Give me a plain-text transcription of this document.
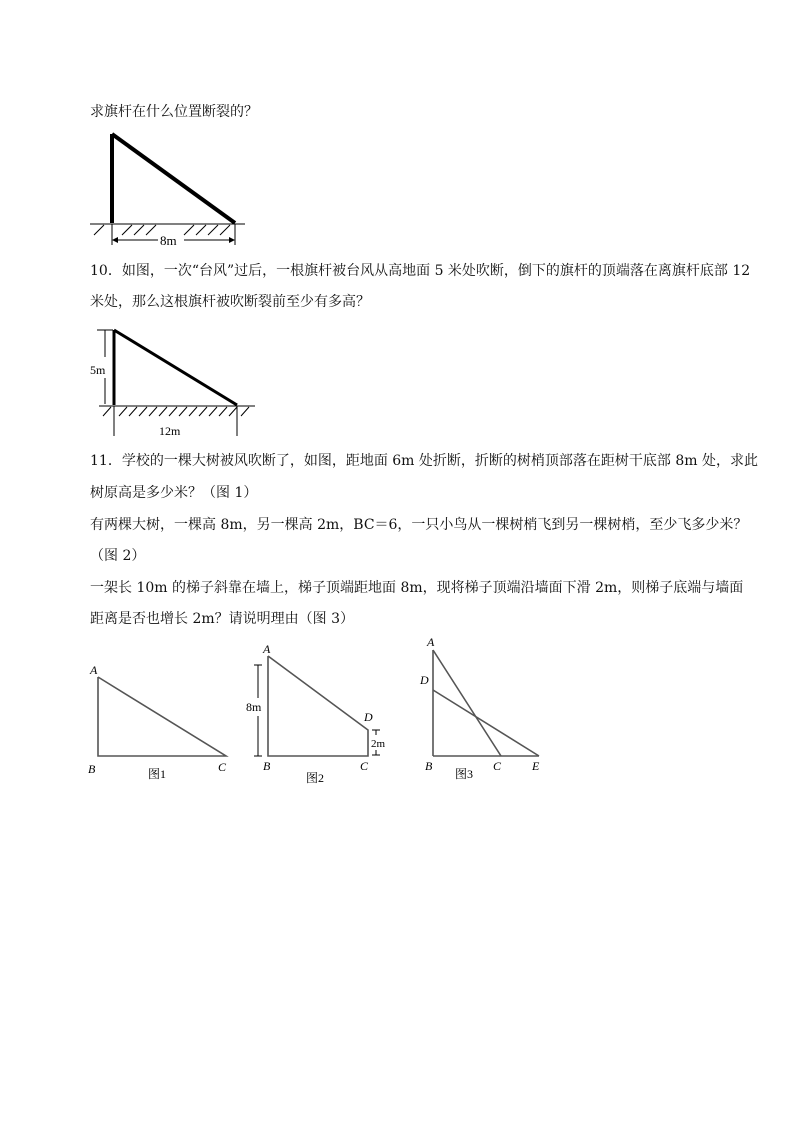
求旗杆在什么位置断裂的？
8m
10．如图，一次“台风”过后，一根旗杆被台风从高地面 5 米处吹断，倒下的旗杆的顶端落在离旗杆底部 12
米处，那么这根旗杆被吹断裂前至少有多高？
5m
12m
11．学校的一棵大树被风吹断了，如图，距地面 6m 处折断，折断的树梢顶部落在距树干底部 8m 处，求此
树原高是多少米？（图 1）
有两棵大树，一棵高 8m，另一棵高 2m，BC＝6，一只小鸟从一棵树梢飞到另一棵树梢，至少飞多少米？
（图 2）
一架长 10m 的梯子斜靠在墙上，梯子顶端距地面 8m，现将梯子顶端沿墙面下滑 2m，则梯子底端与墙面
距离是否也增长 2m？请说明理由（图 3）
A
B	C
图1
8m
2m
A
D
B	C
图2
A
D
B	C	E
图3
